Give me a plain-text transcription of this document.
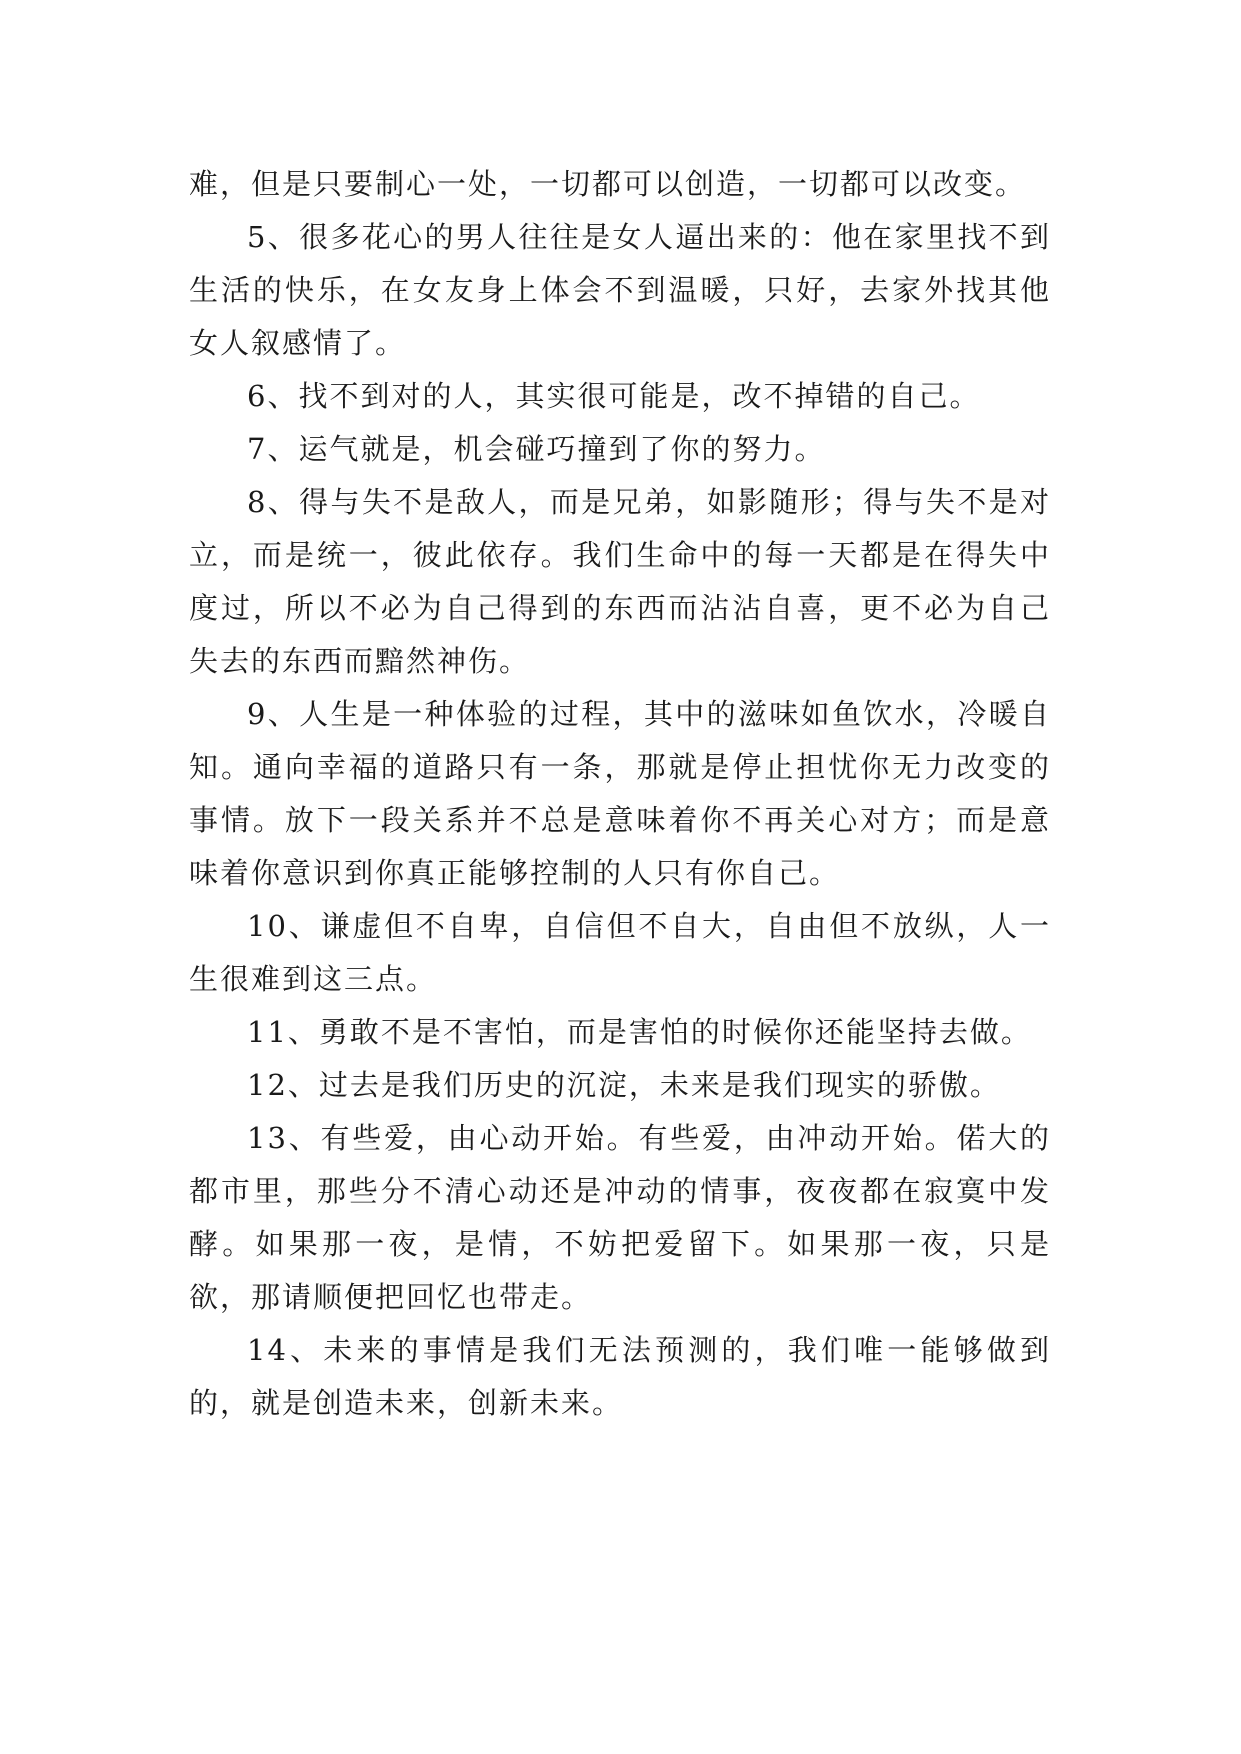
难，但是只要制心一处，一切都可以创造，一切都可以改变。

5、很多花心的男人往往是女人逼出来的：他在家里找不到生活的快乐，在女友身上体会不到温暖，只好，去家外找其他女人叙感情了。

6、找不到对的人，其实很可能是，改不掉错的自己。

7、运气就是，机会碰巧撞到了你的努力。

8、得与失不是敌人，而是兄弟，如影随形；得与失不是对立，而是统一，彼此依存。我们生命中的每一天都是在得失中度过，所以不必为自己得到的东西而沾沾自喜，更不必为自己失去的东西而黯然神伤。

9、人生是一种体验的过程，其中的滋味如鱼饮水，冷暖自知。通向幸福的道路只有一条，那就是停止担忧你无力改变的事情。放下一段关系并不总是意味着你不再关心对方；而是意味着你意识到你真正能够控制的人只有你自己。

10、谦虚但不自卑，自信但不自大，自由但不放纵，人一生很难到这三点。

11、勇敢不是不害怕，而是害怕的时候你还能坚持去做。

12、过去是我们历史的沉淀，未来是我们现实的骄傲。

13、有些爱，由心动开始。有些爱，由冲动开始。偌大的都市里，那些分不清心动还是冲动的情事，夜夜都在寂寞中发酵。如果那一夜，是情，不妨把爱留下。如果那一夜，只是欲，那请顺便把回忆也带走。

14、未来的事情是我们无法预测的，我们唯一能够做到的，就是创造未来，创新未来。
